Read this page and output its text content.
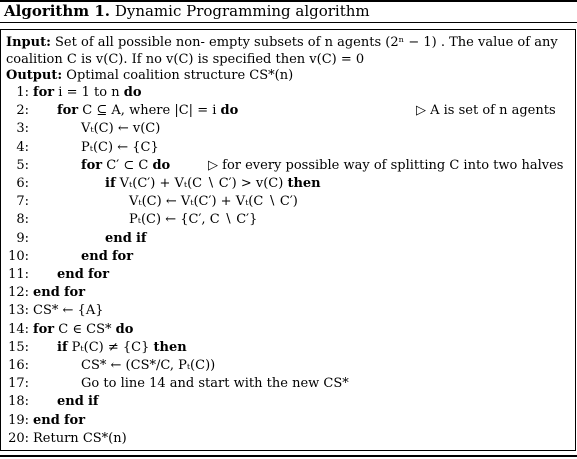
Algorithm 1. Dynamic Programming algorithm
Input: Set of all possible non- empty subsets of n agents (2ⁿ − 1) . The value of any
coalition C is v(C). If no v(C) is specified then v(C) = 0
Output: Optimal coalition structure CS*(n)
1: for i = 1 to n do
2: for C ⊆ A, where |C| = i do	▷ A is set of n agents
3:	Vₜ(C) ← v(C)
4:	Pₜ(C) ← {C}
5:	for C′ ⊂ C do	▷ for every possible way of splitting C into two halves
6:	if Vₜ(C′) + Vₜ(C ∖ C′) > v(C) then
7:	Vₜ(C) ← Vₜ(C′) + Vₜ(C ∖ C′)
8:	Pₜ(C) ← {C′, C ∖ C′}
9:	end if
10:	end for
11: end for
12: end for
13: CS* ← {A}
14: for C ∈ CS* do
15: if Pₜ(C) ≠ {C} then
16:	CS* ← (CS*/C, Pₜ(C))
17:	Go to line 14 and start with the new CS*
18: end if
19: end for
20: Return CS*(n)
